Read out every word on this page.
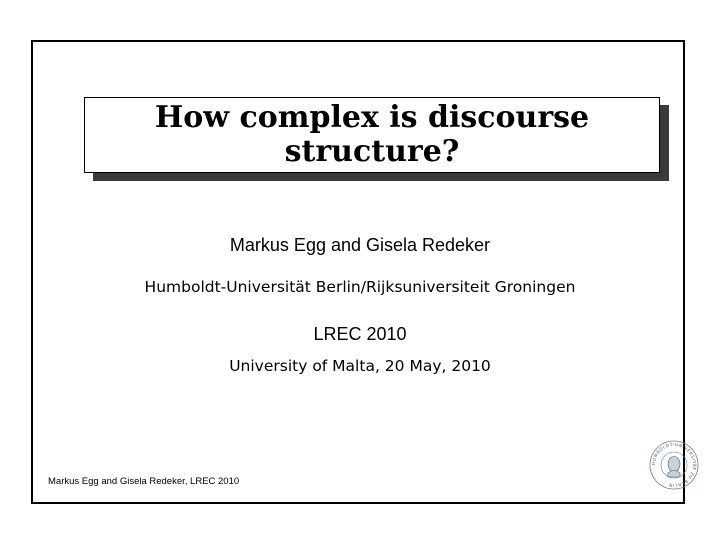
How complex is discourse structure?
Markus Egg and Gisela Redeker
Humboldt-Universität Berlin/Rijksuniversiteit Groningen
LREC 2010
University of Malta, 20 May, 2010
Markus Egg and Gisela Redeker, LREC 2010
HUMBOLDT-UNIVERSITÄT ZU BERLIN
